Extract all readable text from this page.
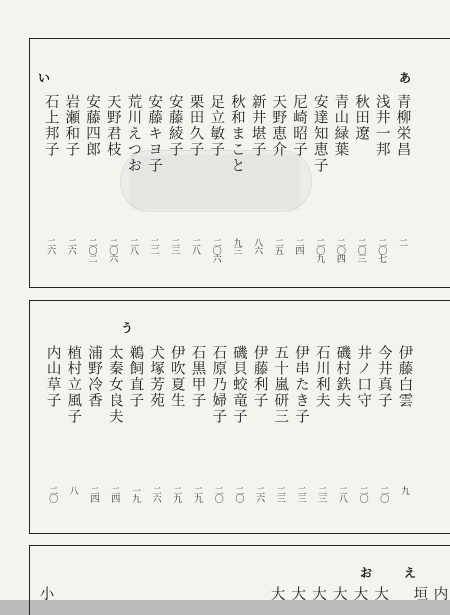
青柳栄昌
二
浅井一邦
二〇七
秋田遼
二〇三
青山緑葉
二〇四
安達知恵子
二〇九
尼崎昭子
二四
天野恵介
二五
新井堪子
八六
秋和まこと
九三
足立敏子
二〇六
栗田久子
二八
安藤綾子
二三
安藤キヨ子
二二
荒川えつお
二八
天野君枝
二〇六
安藤四郎
二〇二
岩瀬和子
二六
石上邦子
二六
あ
い
伊藤白雲
九
今井真子
二〇
井ノ口守
二〇
磯村鉄夫
二八
石川利夫
二三
伊串たき子
二三
五十嵐研三
二三
伊藤利子
二六
磯貝蛟竜子
二〇
石原乃婦子
二〇
石黒甲子
二九
伊吹夏生
二九
犬塚芳苑
二六
鵜飼直子
一九
太秦女良夫
二四
浦野冷香
二四
植村立風子
八
内山草子
二〇
う
内
垣
大
大
大
大
大
大
小
え
お
